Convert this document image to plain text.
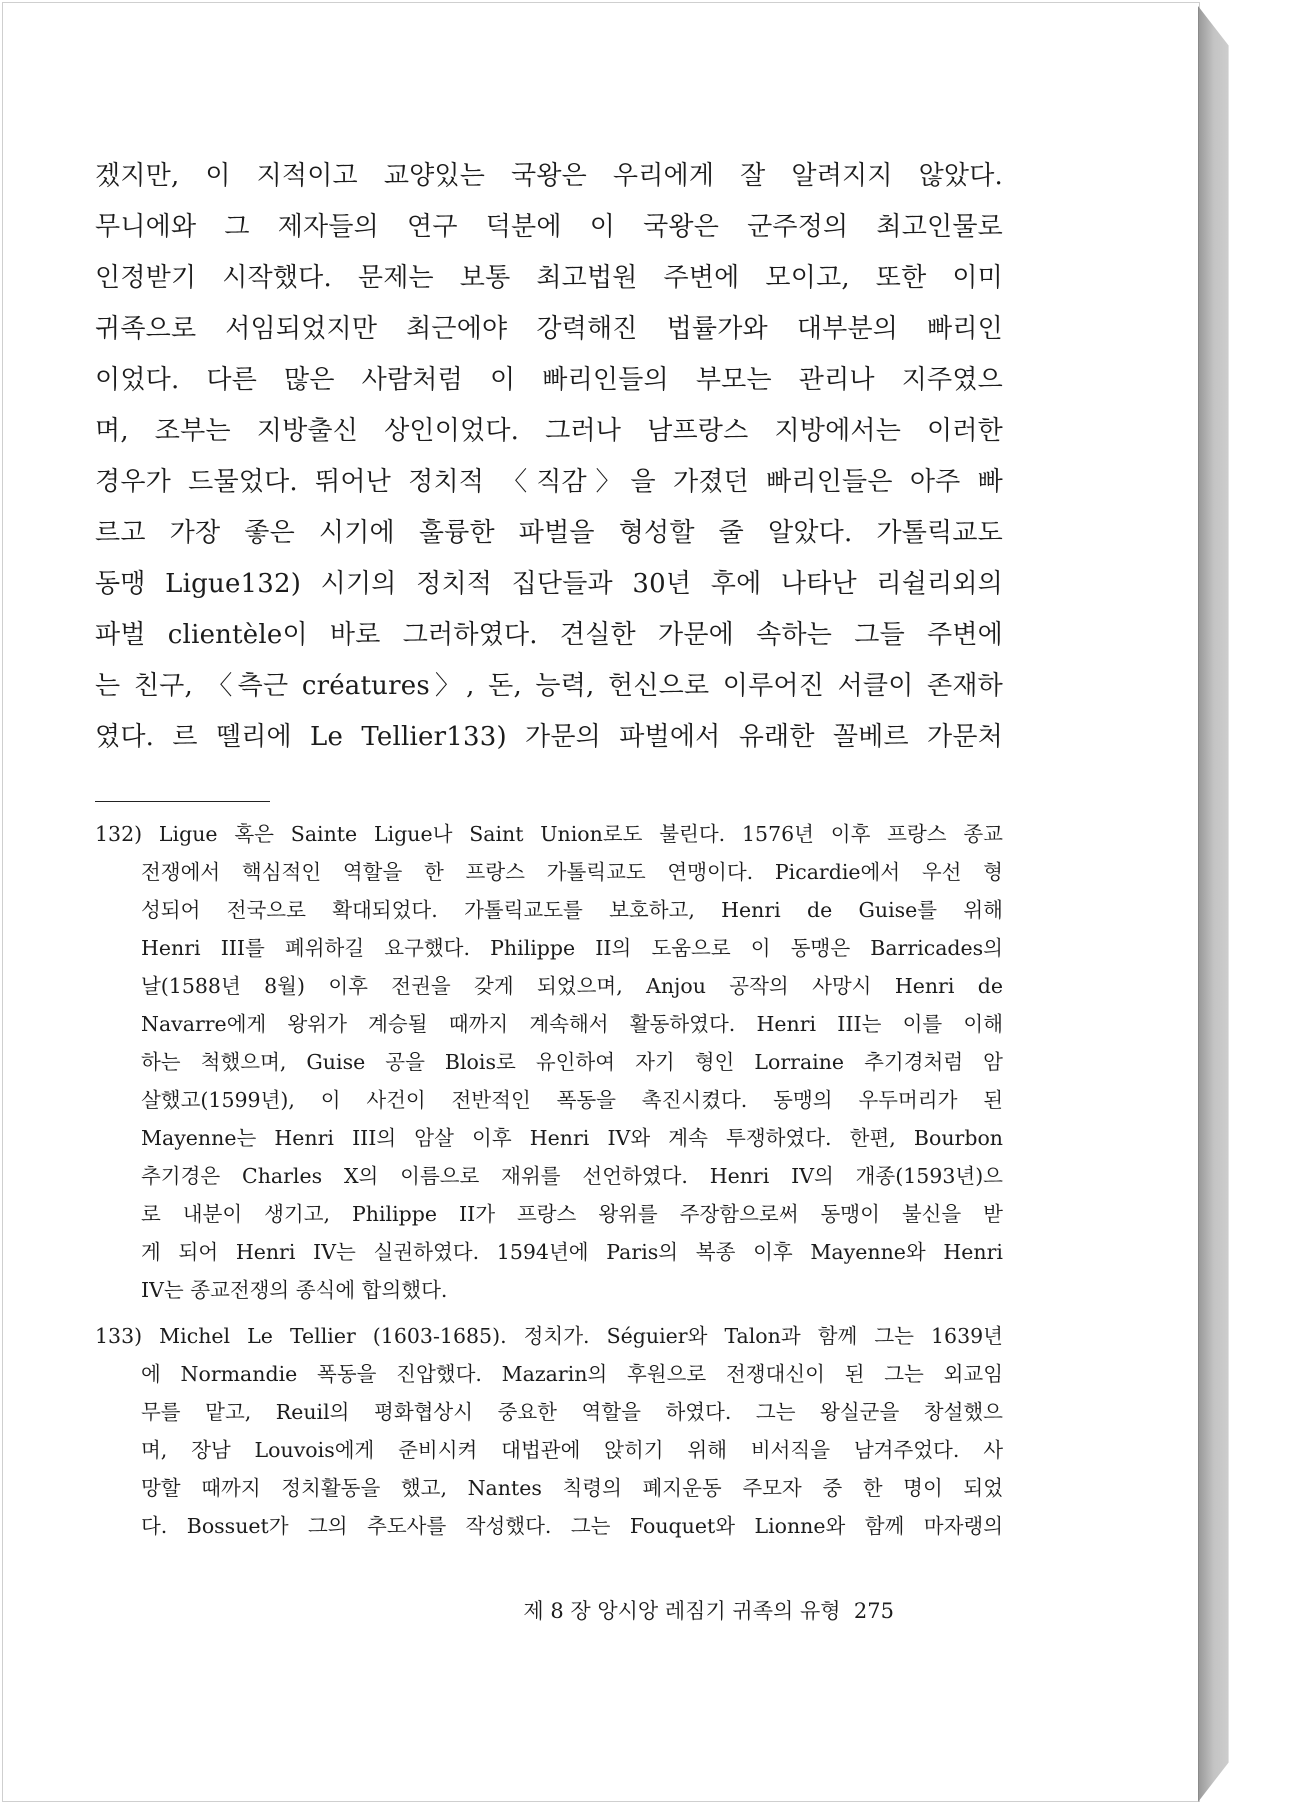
겠지만, 이 지적이고 교양있는 국왕은 우리에게 잘 알려지지 않았다.
무니에와 그 제자들의 연구 덕분에 이 국왕은 군주정의 최고인물로
인정받기 시작했다. 문제는 보통 최고법원 주변에 모이고, 또한 이미
귀족으로 서임되었지만 최근에야 강력해진 법률가와 대부분의 빠리인
이었다. 다른 많은 사람처럼 이 빠리인들의 부모는 관리나 지주였으
며, 조부는 지방출신 상인이었다. 그러나 남프랑스 지방에서는 이러한
경우가 드물었다. 뛰어난 정치적 〈직감〉을 가졌던 빠리인들은 아주 빠
르고 가장 좋은 시기에 훌륭한 파벌을 형성할 줄 알았다. 가톨릭교도
동맹 Ligue132) 시기의 정치적 집단들과 30년 후에 나타난 리쉴리외의
파벌 clientèle이 바로 그러하였다. 견실한 가문에 속하는 그들 주변에
는 친구, 〈측근 créatures〉, 돈, 능력, 헌신으로 이루어진 서클이 존재하
였다. 르 뗄리에 Le Tellier133) 가문의 파벌에서 유래한 꼴베르 가문처
132) Ligue 혹은 Sainte Ligue나 Saint Union로도 불린다. 1576년 이후 프랑스 종교
전쟁에서 핵심적인 역할을 한 프랑스 가톨릭교도 연맹이다. Picardie에서 우선 형
성되어 전국으로 확대되었다. 가톨릭교도를 보호하고, Henri de Guise를 위해
Henri III를 폐위하길 요구했다. Philippe II의 도움으로 이 동맹은 Barricades의
날(1588년 8월) 이후 전권을 갖게 되었으며, Anjou 공작의 사망시 Henri de
Navarre에게 왕위가 계승될 때까지 계속해서 활동하였다. Henri III는 이를 이해
하는 척했으며, Guise 공을 Blois로 유인하여 자기 형인 Lorraine 추기경처럼 암
살했고(1599년), 이 사건이 전반적인 폭동을 촉진시켰다. 동맹의 우두머리가 된
Mayenne는 Henri III의 암살 이후 Henri IV와 계속 투쟁하였다. 한편, Bourbon
추기경은 Charles X의 이름으로 재위를 선언하였다. Henri IV의 개종(1593년)으
로 내분이 생기고, Philippe II가 프랑스 왕위를 주장함으로써 동맹이 불신을 받
게 되어 Henri IV는 실권하였다. 1594년에 Paris의 복종 이후 Mayenne와 Henri
IV는 종교전쟁의 종식에 합의했다.
133) Michel Le Tellier (1603-1685). 정치가. Séguier와 Talon과 함께 그는 1639년
에 Normandie 폭동을 진압했다. Mazarin의 후원으로 전쟁대신이 된 그는 외교임
무를 맡고, Reuil의 평화협상시 중요한 역할을 하였다. 그는 왕실군을 창설했으
며, 장남 Louvois에게 준비시켜 대법관에 앉히기 위해 비서직을 남겨주었다. 사
망할 때까지 정치활동을 했고, Nantes 칙령의 폐지운동 주모자 중 한 명이 되었
다. Bossuet가 그의 추도사를 작성했다. 그는 Fouquet와 Lionne와 함께 마자랭의
제 8 장 앙시앙 레짐기 귀족의 유형 275
